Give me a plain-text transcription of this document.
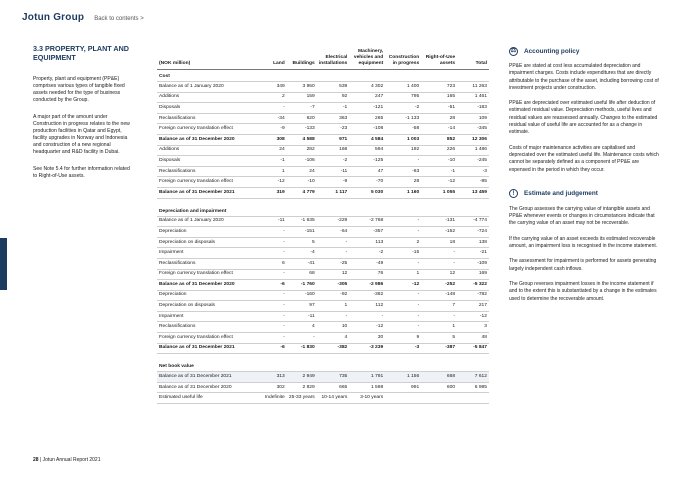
Jotun Group Back to contents >
3.3 PROPERTY, PLANT AND EQUIPMENT

Property, plant and equipment (PP&E) comprises various types of tangible fixed assets needed for the type of business conducted by the Group.

A major part of the amount under Construction in progress relates to the new production facilities in Qatar and Egypt, facility upgrades in Norway and Indonesia and construction of a new regional headquarter and R&D facility in Dubai.

See Note 5.4 for further information related to Right-of-Use assets.

(NOK million)	Land	Buildings	Electrical installations	Machinery, vehicles and equipment	Construction in progress	Right-of-Use assets	Total
Cost							
Balance as of 1 January 2020	349	3 950	539	4 302	1 400	723	11 263
Additions	2	159	92	247	795	165	1 461
Disposals	-	-7	-1	-121	-2	-51	-183
Reclassifications	-34	620	363	265	-1 133	28	109
Foreign currency translation effect	-9	-133	-23	-108	-58	-14	-345
Balance as of 31 December 2020	308	4 588	971	4 584	1 003	852	12 306
Additions	24	282	168	594	192	226	1 486
Disposals	-1	-106	-2	-125	-	-10	-245
Reclassifications	1	24	-11	47	-63	-1	-3
Foreign currency translation effect	-12	-10	-9	-70	28	-12	-85
Balance as of 31 December 2021	319	4 779	1 117	5 030	1 160	1 055	13 459

Depreciation and impairment							
Balance as of 1 January 2020	-11	-1 635	-229	-2 768	-	-131	-4 774
Depreciation	-	-151	-64	-357	-	-152	-724
Depreciation on disposals	-	5	-	113	2	18	138
Impairment	-	-4	-	-2	-15	-	-21
Reclassifications	6	-41	-25	-49	-	-	-109
Foreign currency translation effect	-	68	12	76	1	12	169
Balance as of 31 December 2020	-6	-1 760	-305	-2 986	-12	-252	-5 322
Depreciation	-	-160	-92	-382	-	-148	-782
Depreciation on disposals	-	97	1	112	-	7	217
Impairment	-	-11	-	-	-	-	-12
Reclassifications	-	4	10	-12	-	1	3
Foreign currency translation effect	-	-	4	30	9	5	48
Balance as of 31 December 2021	-6	-1 830	-382	-3 239	-3	-387	-5 847

Net book value							
Balance as of 31 December 2021	313	2 949	735	1 791	1 156	668	7 612
Balance as of 31 December 2020	302	2 829	665	1 598	991	600	6 985
Estimated useful life	Indefinite	25-33 years	10-14 years	3-10 years			
⚖ Accounting policy

PP&E are stated at cost less accumulated depreciation and impairment charges. Costs include expenditures that are directly attributable to the purchase of the asset, including borrowing cost of investment projects under construction.

PP&E are depreciated over estimated useful life after deduction of estimated residual value. Depreciation methods, useful lives and residual values are reassessed annually. Changes to the estimated residual value of useful life are accounted for as a change in estimate.

Costs of major maintenance activities are capitalised and depreciated over the estimated useful life. Maintenance costs which cannot be separately defined as a component of PP&E are expensed in the period in which they occur.

!	Estimate and judgement

The Group assesses the carrying value of intangible assets and PP&E whenever events or changes in circumstances indicate that the carrying value of an asset may not be recoverable.

If the carrying value of an asset exceeds its estimated recoverable amount, an impairment loss is recognised in the income statement.

The assessment for impairment is performed for assets generating largely independent cash inflows.

The Group reverses impairment losses in the income statement if and to the extent this is substantiated by a change in the estimates used to determine the recoverable amount.

28 | Jotun Annual Report 2021
